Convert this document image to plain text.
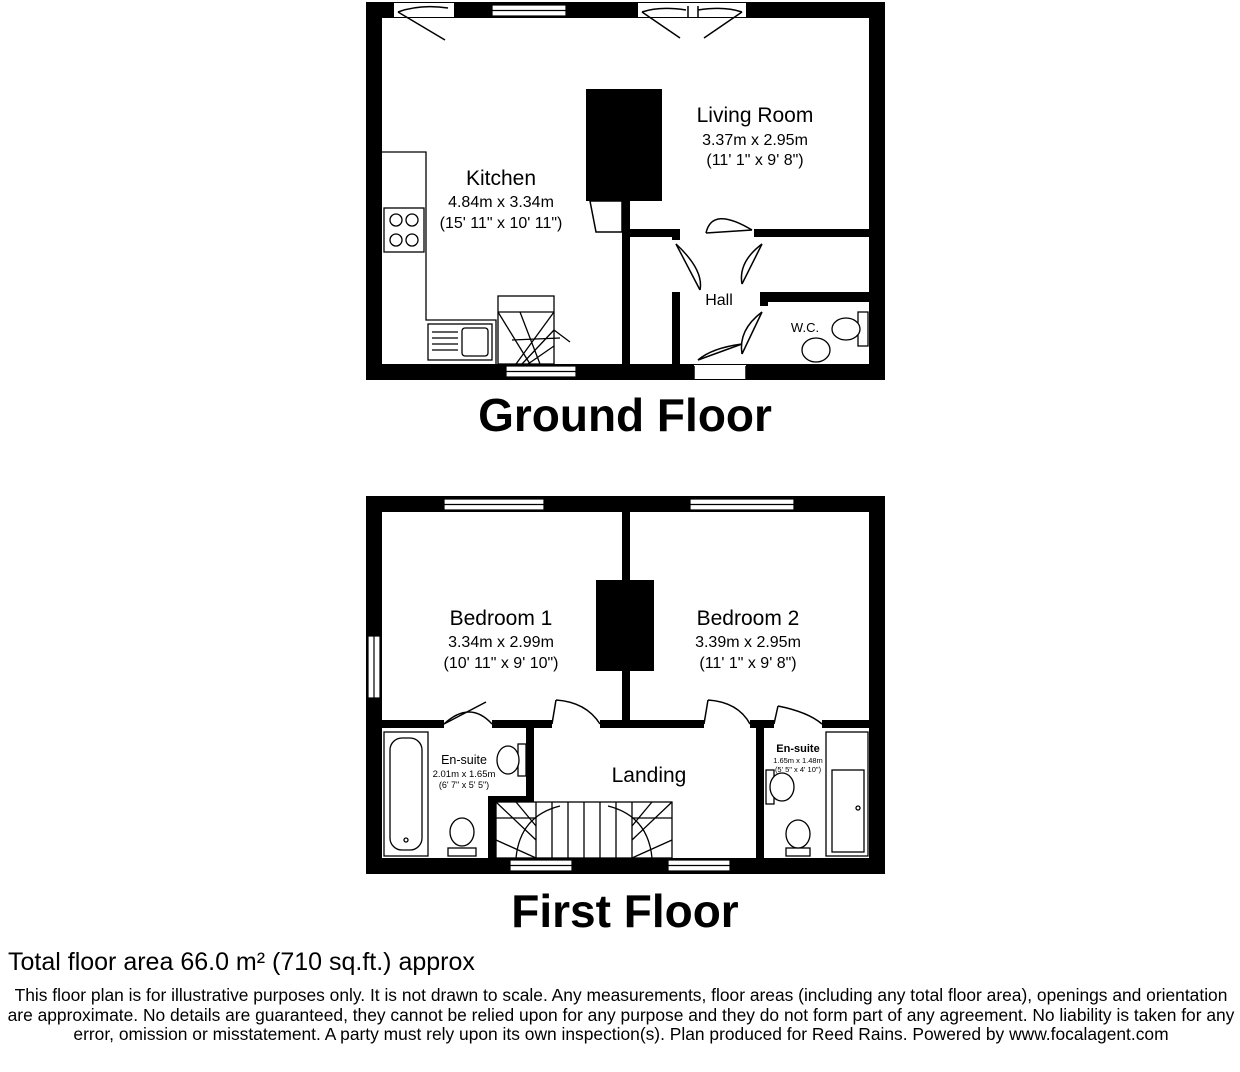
Kitchen
4.84m x 3.34m
(15' 11" x 10' 11")
Living Room
3.37m x 2.95m
(11' 1" x 9' 8")
Hall
W.C.
Bedroom 1
3.34m x 2.99m
(10' 11" x 9' 10")
Bedroom 2
3.39m x 2.95m
(11' 1" x 9' 8")
En-suite
2.01m x 1.65m
(6' 7" x 5' 5")	Landing
En-suite
1.65m x 1.48m
(5' 5" x 4' 10")
Ground Floor
First Floor
Total floor area 66.0 m² (710 sq.ft.) approx
This floor plan is for illustrative purposes only. It is not drawn to scale. Any measurements, floor areas (including any total floor area), openings and orientation are approximate. No details are guaranteed, they cannot be relied upon for any purpose and they do not form part of any agreement. No liability is taken for any error, omission or misstatement. A party must rely upon its own inspection(s). Plan produced for Reed Rains. Powered by www.focalagent.com
